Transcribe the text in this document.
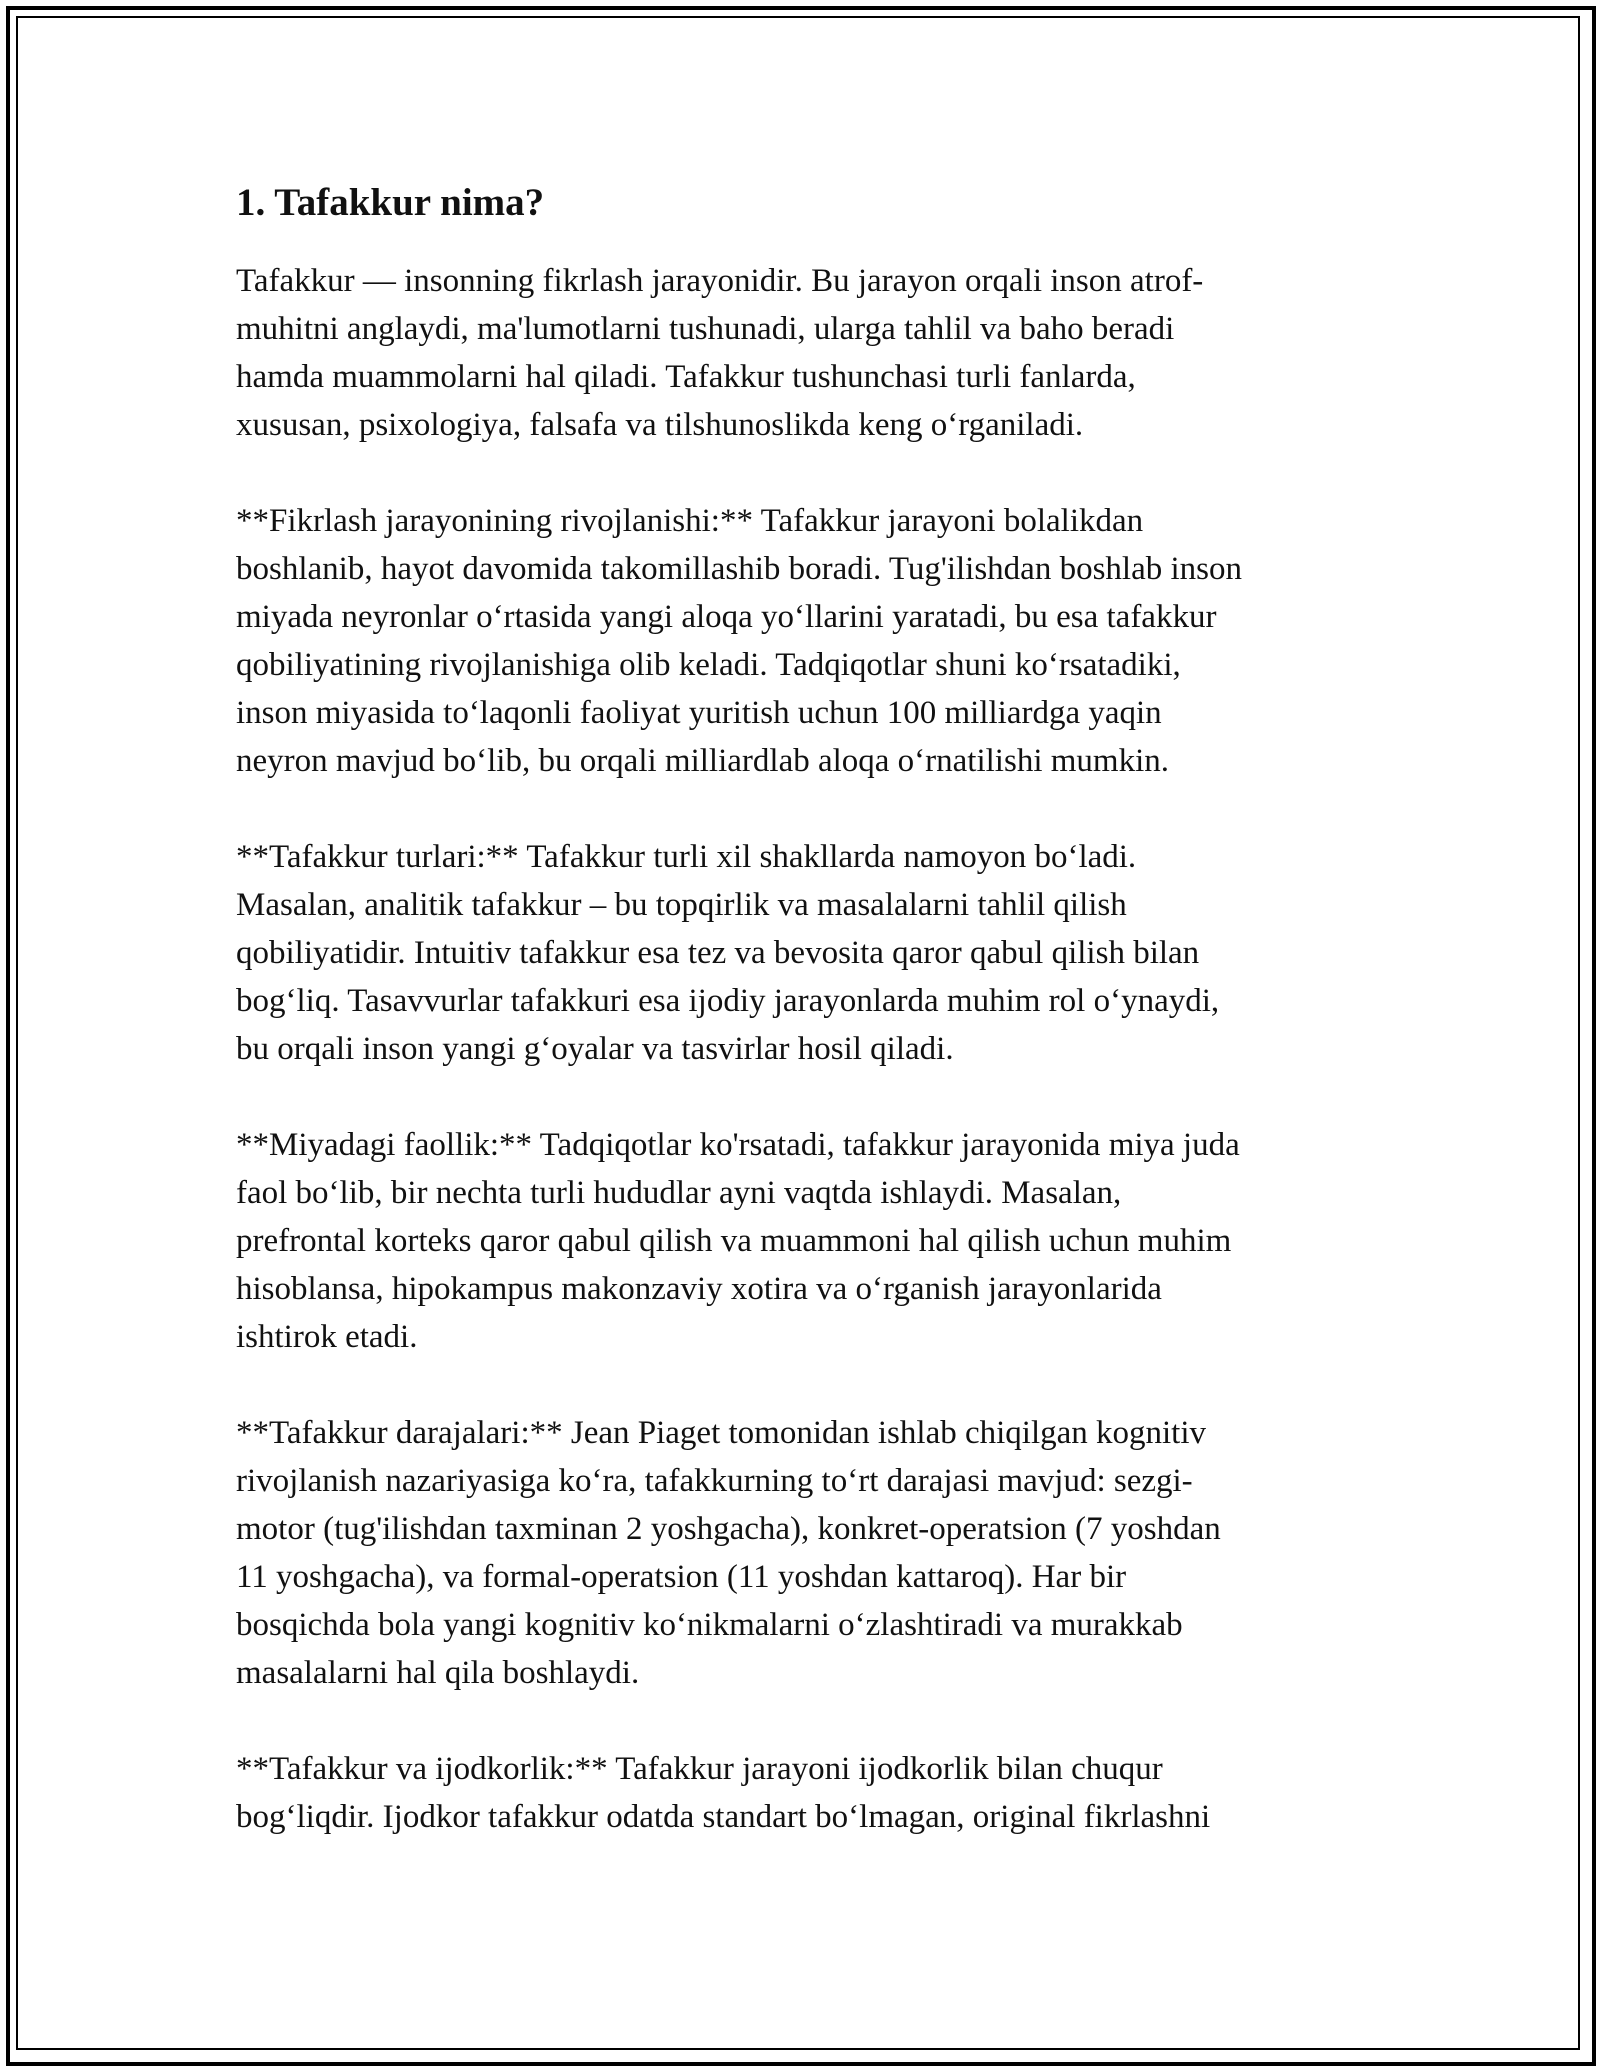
1. Tafakkur nima?

Tafakkur — insonning fikrlash jarayonidir. Bu jarayon orqali inson atrof-
muhitni anglaydi, ma'lumotlarni tushunadi, ularga tahlil va baho beradi
hamda muammolarni hal qiladi. Tafakkur tushunchasi turli fanlarda,
xususan, psixologiya, falsafa va tilshunoslikda keng o‘rganiladi.

**Fikrlash jarayonining rivojlanishi:** Tafakkur jarayoni bolalikdan
boshlanib, hayot davomida takomillashib boradi. Tug'ilishdan boshlab inson
miyada neyronlar o‘rtasida yangi aloqa yo‘llarini yaratadi, bu esa tafakkur
qobiliyatining rivojlanishiga olib keladi. Tadqiqotlar shuni ko‘rsatadiki,
inson miyasida to‘laqonli faoliyat yuritish uchun 100 milliardga yaqin
neyron mavjud bo‘lib, bu orqali milliardlab aloqa o‘rnatilishi mumkin.

**Tafakkur turlari:** Tafakkur turli xil shakllarda namoyon bo‘ladi.
Masalan, analitik tafakkur – bu topqirlik va masalalarni tahlil qilish
qobiliyatidir. Intuitiv tafakkur esa tez va bevosita qaror qabul qilish bilan
bog‘liq. Tasavvurlar tafakkuri esa ijodiy jarayonlarda muhim rol o‘ynaydi,
bu orqali inson yangi g‘oyalar va tasvirlar hosil qiladi.

**Miyadagi faollik:** Tadqiqotlar ko'rsatadi, tafakkur jarayonida miya juda
faol bo‘lib, bir nechta turli hududlar ayni vaqtda ishlaydi. Masalan,
prefrontal korteks qaror qabul qilish va muammoni hal qilish uchun muhim
hisoblansa, hipokampus makonzaviy xotira va o‘rganish jarayonlarida
ishtirok etadi.

**Tafakkur darajalari:** Jean Piaget tomonidan ishlab chiqilgan kognitiv
rivojlanish nazariyasiga ko‘ra, tafakkurning to‘rt darajasi mavjud: sezgi-
motor (tug'ilishdan taxminan 2 yoshgacha), konkret-operatsion (7 yoshdan
11 yoshgacha), va formal-operatsion (11 yoshdan kattaroq). Har bir
bosqichda bola yangi kognitiv ko‘nikmalarni o‘zlashtiradi va murakkab
masalalarni hal qila boshlaydi.

**Tafakkur va ijodkorlik:** Tafakkur jarayoni ijodkorlik bilan chuqur
bog‘liqdir. Ijodkor tafakkur odatda standart bo‘lmagan, original fikrlashni
